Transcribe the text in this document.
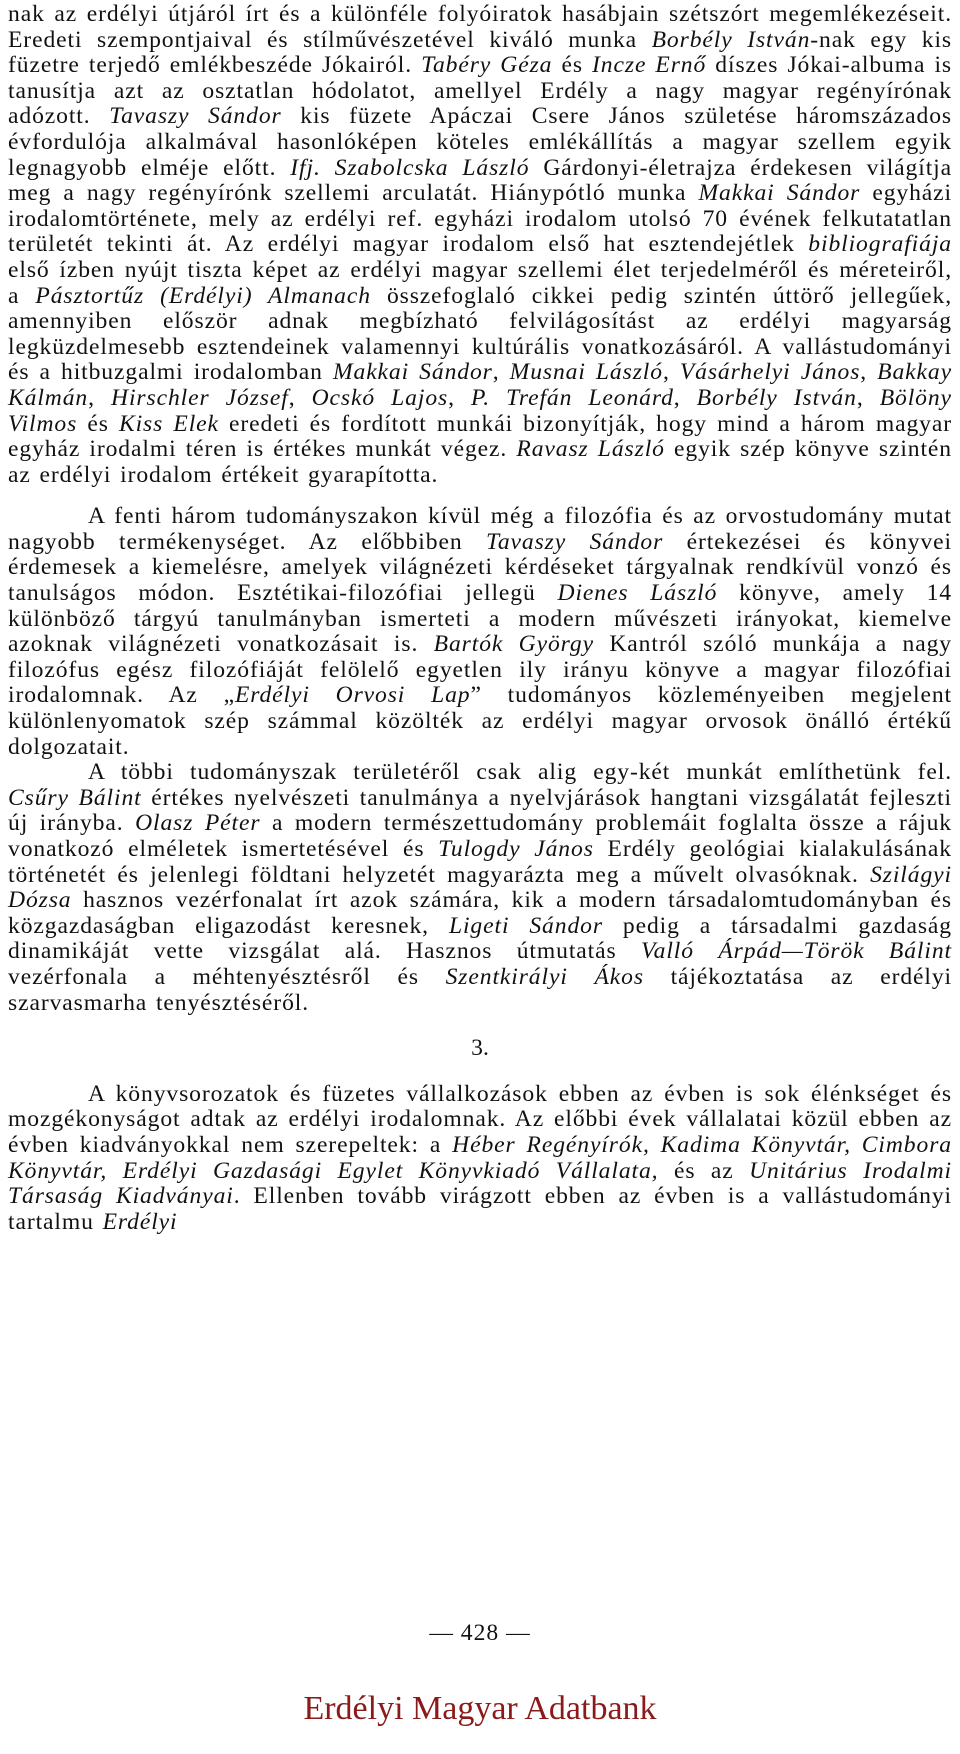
nak az erdélyi útjáról írt és a különféle folyóiratok hasábjain szétszórt megemlékezéseit. Eredeti szempontjaival és stílművészetével kiváló munka Borbély István-nak egy kis füzetre terjedő emlékbeszéde Jókairól. Tabéry Géza és Incze Ernő díszes Jókai-albuma is tanusítja azt az osztatlan hódolatot, amellyel Erdély a nagy magyar regényírónak adózott. Tavaszy Sándor kis füzete Apáczai Csere János születése háromszázados évfordulója alkalmával hasonlóképen köteles emlékállítás a magyar szellem egyik legnagyobb elméje előtt. Ifj. Szabolcska László Gárdonyi-életrajza érdekesen világítja meg a nagy regényírónk szellemi arculatát. Hiánypótló munka Makkai Sándor egyházi irodalomtörténete, mely az erdélyi ref. egyházi irodalom utolsó 70 évének felkutatatlan területét tekinti át. Az erdélyi magyar irodalom első hat esztendejétlek bibliografiája első ízben nyújt tiszta képet az erdélyi magyar szellemi élet terjedelméről és méreteiről, a Pásztortűz (Erdélyi) Almanach összefoglaló cikkei pedig szintén úttörő jellegűek, amennyiben először adnak megbízható felvilágosítást az erdélyi magyarság legküzdelmesebb esztendeinek valamennyi kultúrális vonatkozásáról. A vallástudományi és a hitbuzgalmi irodalomban Makkai Sándor, Musnai László, Vásárhelyi János, Bakkay Kálmán, Hirschler József, Ocskó Lajos, P. Trefán Leonárd, Borbély István, Bölöny Vilmos és Kiss Elek eredeti és fordított munkái bizonyítják, hogy mind a három magyar egyház irodalmi téren is értékes munkát végez. Ravasz László egyik szép könyve szintén az erdélyi irodalom értékeit gyarapította.

A fenti három tudományszakon kívül még a filozófia és az orvostudomány mutat nagyobb termékenységet. Az előbbiben Tavaszy Sándor értekezései és könyvei érdemesek a kiemelésre, amelyek világnézeti kérdéseket tárgyalnak rendkívül vonzó és tanulságos módon. Esztétikai-filozófiai jellegü Dienes László könyve, amely 14 különböző tárgyú tanulmányban ismerteti a modern művészeti irányokat, kiemelve azoknak világnézeti vonatkozásait is. Bartók György Kantról szóló munkája a nagy filozófus egész filozófiáját felölelő egyetlen ily irányu könyve a magyar filozófiai irodalomnak. Az „Erdélyi Orvosi Lap” tudományos közleményeiben megjelent különlenyomatok szép számmal közölték az erdélyi magyar orvosok önálló értékű dolgozatait.

A többi tudományszak területéről csak alig egy-két munkát említhetünk fel. Csűry Bálint értékes nyelvészeti tanulmánya a nyelvjárások hangtani vizsgálatát fejleszti új irányba. Olasz Péter a modern természettudomány problemáit foglalta össze a rájuk vonatkozó elméletek ismertetésével és Tulogdy János Erdély geológiai kialakulásának történetét és jelenlegi földtani helyzetét magyarázta meg a művelt olvasóknak. Szilágyi Dózsa hasznos vezérfonalat írt azok számára, kik a modern társadalomtudományban és közgazdaságban eligazodást keresnek, Ligeti Sándor pedig a társadalmi gazdaság dinamikáját vette vizsgálat alá. Hasznos útmutatás Valló Árpád—Török Bálint vezérfonala a méhtenyésztésről és Szentkirályi Ákos tájékoztatása az erdélyi szarvasmarha tenyésztéséről.

3.

A könyvsorozatok és füzetes vállalkozások ebben az évben is sok élénkséget és mozgékonyságot adtak az erdélyi irodalomnak. Az előbbi évek vállalatai közül ebben az évben kiadványokkal nem szerepeltek: a Héber Regényírók, Kadima Könyvtár, Cimbora Könyvtár, Erdélyi Gazdasági Egylet Könyvkiadó Vállalata, és az Unitárius Irodalmi Társaság Kiadványai. Ellenben tovább virágzott ebben az évben is a vallástudományi tartalmu Erdélyi

— 428 —
Erdélyi Magyar Adatbank
